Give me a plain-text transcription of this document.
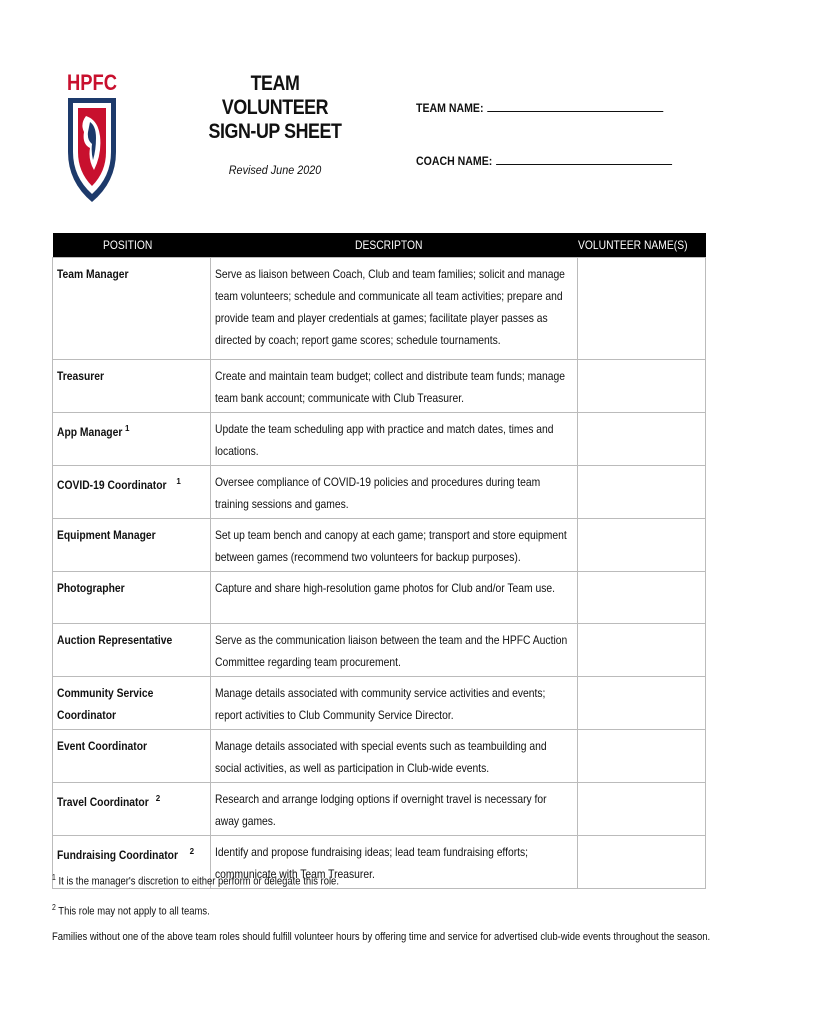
HPFC	TEAM VOLUNTEER
SIGN-UP SHEET
Revised June 2020
TEAM NAME:
COACH NAME:
POSITION	DESCRIPTON	VOLUNTEER NAME(S)
Team Manager	Serve as liaison between Coach, Club and team families; solicit and manage team volunteers; schedule and communicate all team activities; prepare and provide team and player credentials at games; facilitate player passes as directed by coach; report game scores; schedule tournaments.	
Treasurer	Create and maintain team budget; collect and distribute team funds; manage team bank account; communicate with Club Treasurer.	
App Manager $^1$	Update the team scheduling app with practice and match dates, times and locations.	
COVID-19 Coordinator $^1$	Oversee compliance of COVID-19 policies and procedures during team training sessions and games.	
Equipment Manager	Set up team bench and canopy at each game; transport and store equipment between games (recommend two volunteers for backup purposes).	
Photographer	Capture and share high-resolution game photos for Club and/or Team use.	
Auction Representative	Serve as the communication liaison between the team and the HPFC Auction Committee regarding team procurement.	
Community Service Coordinator	Manage details associated with community service activities and events; report activities to Club Community Service Director.	
Event Coordinator	Manage details associated with special events such as teambuilding and social activities, as well as participation in Club-wide events.	
Travel Coordinator $^2$	Research and arrange lodging options if overnight travel is necessary for away games.	
Fundraising Coordinator $^2$	Identify and propose fundraising ideas; lead team fundraising efforts; communicate with Team Treasurer.	
$^1$ It is the manager's discretion to either perform or delegate this role.
$^2$ This role may not apply to all teams.
Families without one of the above team roles should fulfill volunteer hours by offering time and service for advertised club-wide events throughout the season.
